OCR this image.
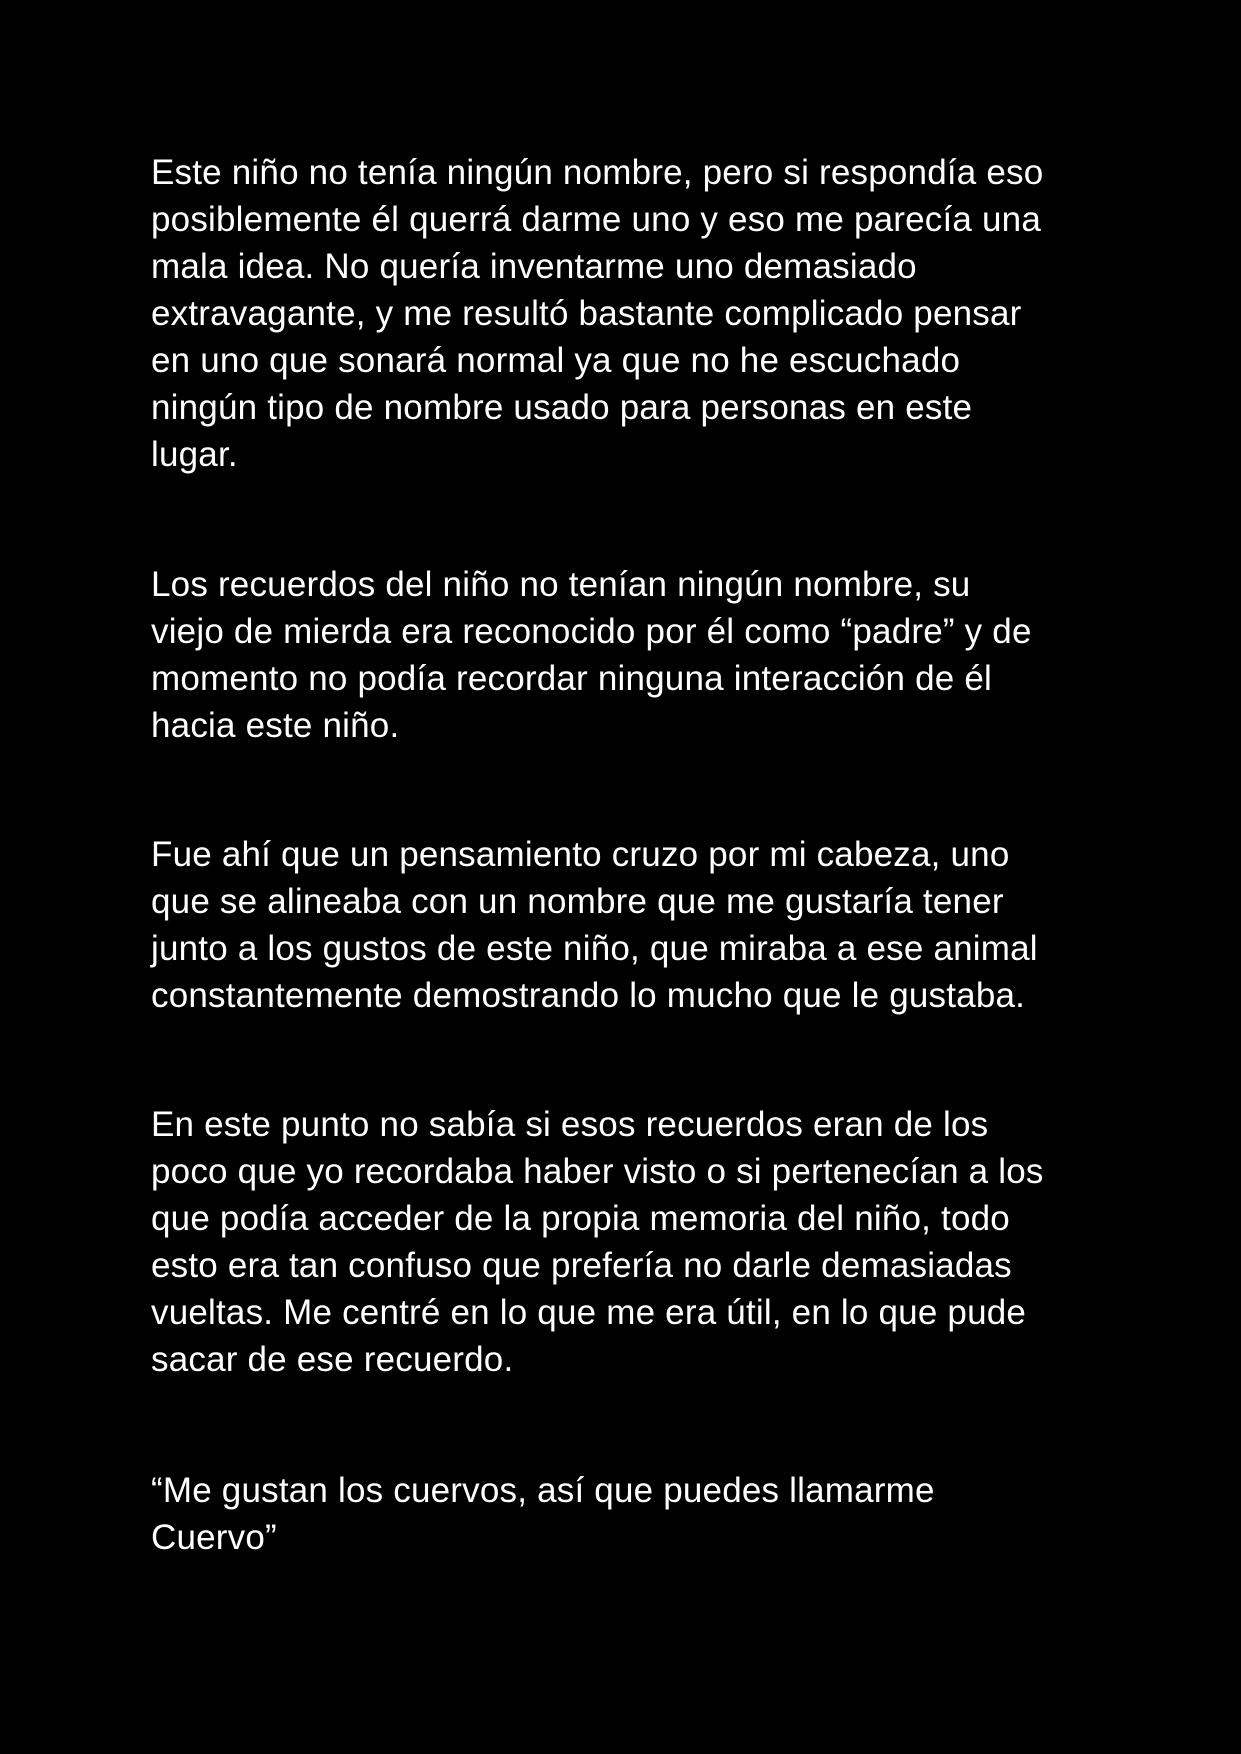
Este niño no tenía ningún nombre, pero si respondía eso
posiblemente él querrá darme uno y eso me parecía una
mala idea. No quería inventarme uno demasiado
extravagante, y me resultó bastante complicado pensar
en uno que sonará normal ya que no he escuchado
ningún tipo de nombre usado para personas en este
lugar.

Los recuerdos del niño no tenían ningún nombre, su
viejo de mierda era reconocido por él como “padre” y de
momento no podía recordar ninguna interacción de él
hacia este niño.

Fue ahí que un pensamiento cruzo por mi cabeza, uno
que se alineaba con un nombre que me gustaría tener
junto a los gustos de este niño, que miraba a ese animal
constantemente demostrando lo mucho que le gustaba.

En este punto no sabía si esos recuerdos eran de los
poco que yo recordaba haber visto o si pertenecían a los
que podía acceder de la propia memoria del niño, todo
esto era tan confuso que prefería no darle demasiadas
vueltas. Me centré en lo que me era útil, en lo que pude
sacar de ese recuerdo.

“Me gustan los cuervos, así que puedes llamarme
Cuervo”
